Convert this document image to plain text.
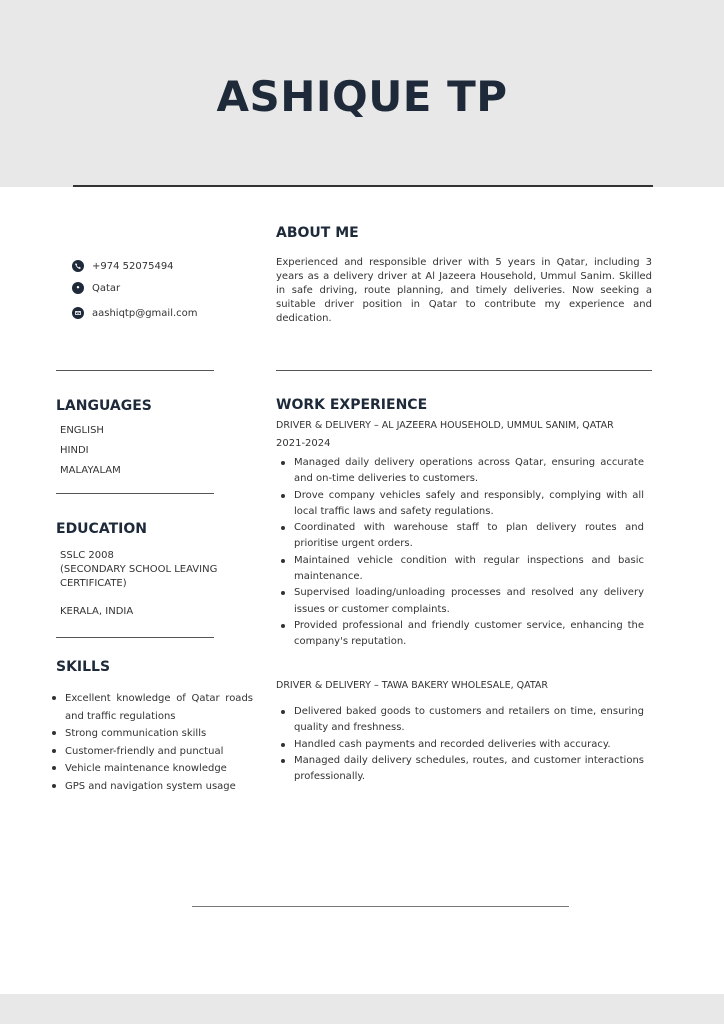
ASHIQUE TP
+974 52075494
Qatar
aashiqtp@gmail.com
ABOUT ME
Experienced and responsible driver with 5 years in Qatar, including 3 years as a delivery driver at Al Jazeera Household, Ummul Sanim. Skilled in safe driving, route planning, and timely deliveries. Now seeking a suitable driver position in Qatar to contribute my experience and dedication.
LANGUAGES
ENGLISH
HINDI
MALAYALAM
EDUCATION
SSLC 2008
(SECONDARY SCHOOL LEAVING
CERTIFICATE)
KERALA, INDIA
SKILLS
Excellent knowledge of Qatar roads and traffic regulations
Strong communication skills
Customer-friendly and punctual
Vehicle maintenance knowledge
GPS and navigation system usage
WORK EXPERIENCE
DRIVER & DELIVERY – AL JAZEERA HOUSEHOLD, UMMUL SANIM, QATAR
2021-2024
Managed daily delivery operations across Qatar, ensuring accurate and on-time deliveries to customers.
Drove company vehicles safely and responsibly, complying with all local traffic laws and safety regulations.
Coordinated with warehouse staff to plan delivery routes and prioritise urgent orders.
Maintained vehicle condition with regular inspections and basic maintenance.
Supervised loading/unloading processes and resolved any delivery issues or customer complaints.
Provided professional and friendly customer service, enhancing the company's reputation.
DRIVER & DELIVERY – TAWA BAKERY WHOLESALE, QATAR
Delivered baked goods to customers and retailers on time, ensuring quality and freshness.
Handled cash payments and recorded deliveries with accuracy.
Managed daily delivery schedules, routes, and customer interactions professionally.
